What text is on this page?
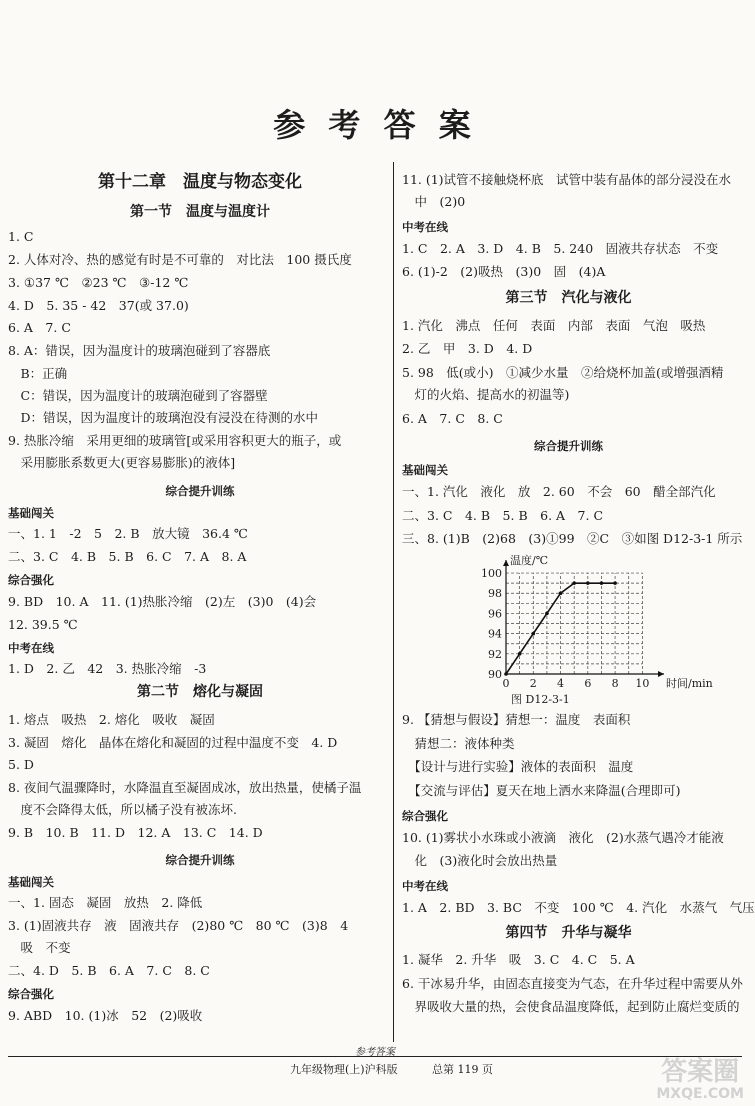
参 考 答 案
第十二章　温度与物态变化
第一节　温度与温度计
1. C
2. 人体对冷、热的感觉有时是不可靠的　对比法　100 摄氏度
3. ①37 ℃　②23 ℃　③-12 ℃
4. D　5. 35 - 42　37(或 37.0)
6. A　7. C
8. A：错误，因为温度计的玻璃泡碰到了容器底
　B：正确
　C：错误，因为温度计的玻璃泡碰到了容器壁
　D：错误，因为温度计的玻璃泡没有浸没在待测的水中
9. 热胀冷缩　采用更细的玻璃管[或采用容积更大的瓶子，或
　采用膨胀系数更大(更容易膨胀)的液体]
综合提升训练
基础闯关
一、1. 1　-2　5　2. B　放大镜　36.4 ℃
二、3. C　4. B　5. B　6. C　7. A　8. A
综合强化
9. BD　10. A　11. (1)热胀冷缩　(2)左　(3)0　(4)会
12. 39.5 ℃
中考在线
1. D　2. 乙　42　3. 热胀冷缩　-3
第二节　熔化与凝固
1. 熔点　吸热　2. 熔化　吸收　凝固
3. 凝固　熔化　晶体在熔化和凝固的过程中温度不变　4. D
5. D
8. 夜间气温骤降时，水降温直至凝固成冰，放出热量，使橘子温
　度不会降得太低，所以橘子没有被冻坏.
9. B　10. B　11. D　12. A　13. C　14. D
综合提升训练
基础闯关
一、1. 固态　凝固　放热　2. 降低
3. (1)固液共存　液　固液共存　(2)80 ℃　80 ℃　(3)8　4
　吸　不变
二、4. D　5. B　6. A　7. C　8. C
综合强化
9. ABD　10. (1)冰　52　(2)吸收
11. (1)试管不接触烧杯底　试管中装有晶体的部分浸没在水
　中　(2)0
中考在线
1. C　2. A　3. D　4. B　5. 240　固液共存状态　不变
6. (1)-2　(2)吸热　(3)0　固　(4)A
第三节　汽化与液化
1. 汽化　沸点　任何　表面　内部　表面　气泡　吸热
2. 乙　甲　3. D　4. D
5. 98　低(或小)　①减少水量　②给烧杯加盖(或增强酒精
　灯的火焰、提高水的初温等)
6. A　7. C　8. C
综合提升训练
基础闯关
一、1. 汽化　液化　放　2. 60　不会　60　醋全部汽化
二、3. C　4. B　5. B　6. A　7. C
三、8. (1)B　(2)68　(3)①99　②C　③如图 D12-3-1 所示
0 2 4 6 8 10
90
92
94
96
98
100
温度/℃
时间/min
图 D12-3-1
9. 【猜想与假设】猜想一：温度　表面积
　猜想二：液体种类
　【设计与进行实验】液体的表面积　温度
　【交流与评估】夏天在地上洒水来降温(合理即可)
综合强化
10. (1)雾状小水珠或小液滴　液化　(2)水蒸气遇冷才能液
　化　(3)液化时会放出热量
中考在线
1. A　2. BD　3. BC　不变　100 ℃　4. 汽化　水蒸气　气压
第四节　升华与凝华
1. 凝华　2. 升华　吸　3. C　4. C　5. A
6. 干冰易升华，由固态直接变为气态，在升华过程中需要从外
　界吸收大量的热，会使食品温度降低，起到防止腐烂变质的
参考答案
九年级物理(上)沪科版	总第 119 页	答案圈
MXQE.COM
